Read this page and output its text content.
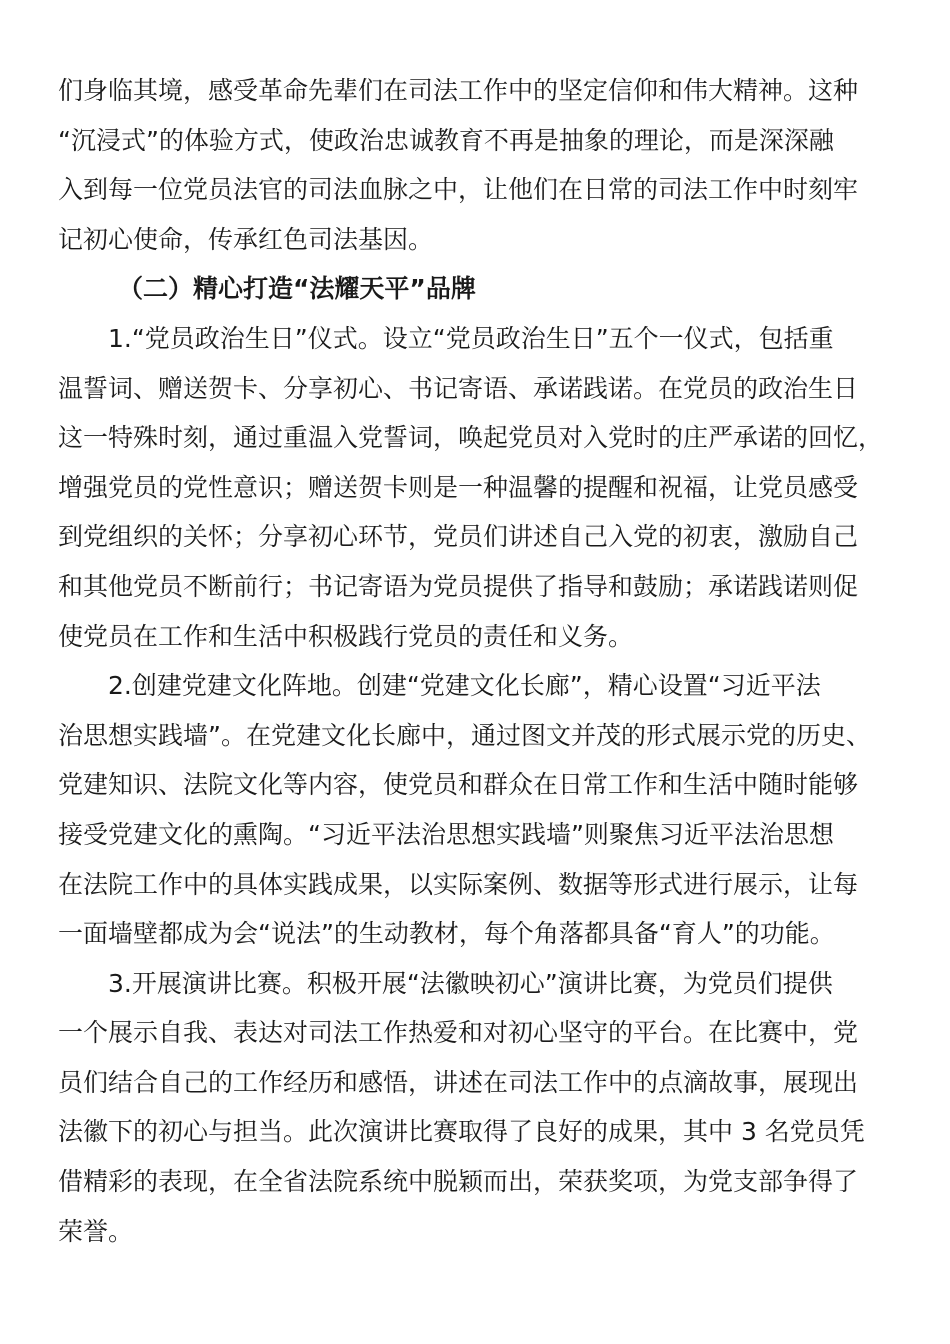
们身临其境，感受革命先辈们在司法工作中的坚定信仰和伟大精神。这种
“沉浸式”的体验方式，使政治忠诚教育不再是抽象的理论，而是深深融
入到每一位党员法官的司法血脉之中，让他们在日常的司法工作中时刻牢
记初心使命，传承红色司法基因。
（二）精心打造“法耀天平”品牌
1.“党员政治生日”仪式。设立“党员政治生日”五个一仪式，包括重
温誓词、赠送贺卡、分享初心、书记寄语、承诺践诺。在党员的政治生日
这一特殊时刻，通过重温入党誓词，唤起党员对入党时的庄严承诺的回忆，
增强党员的党性意识；赠送贺卡则是一种温馨的提醒和祝福，让党员感受
到党组织的关怀；分享初心环节，党员们讲述自己入党的初衷，激励自己
和其他党员不断前行；书记寄语为党员提供了指导和鼓励；承诺践诺则促
使党员在工作和生活中积极践行党员的责任和义务。
2.创建党建文化阵地。创建“党建文化长廊”，精心设置“习近平法
治思想实践墙”。在党建文化长廊中，通过图文并茂的形式展示党的历史、
党建知识、法院文化等内容，使党员和群众在日常工作和生活中随时能够
接受党建文化的熏陶。“习近平法治思想实践墙”则聚焦习近平法治思想
在法院工作中的具体实践成果，以实际案例、数据等形式进行展示，让每
一面墙壁都成为会“说法”的生动教材，每个角落都具备“育人”的功能。
3.开展演讲比赛。积极开展“法徽映初心”演讲比赛，为党员们提供
一个展示自我、表达对司法工作热爱和对初心坚守的平台。在比赛中，党
员们结合自己的工作经历和感悟，讲述在司法工作中的点滴故事，展现出
法徽下的初心与担当。此次演讲比赛取得了良好的成果，其中 3 名党员凭
借精彩的表现，在全省法院系统中脱颖而出，荣获奖项，为党支部争得了
荣誉。
